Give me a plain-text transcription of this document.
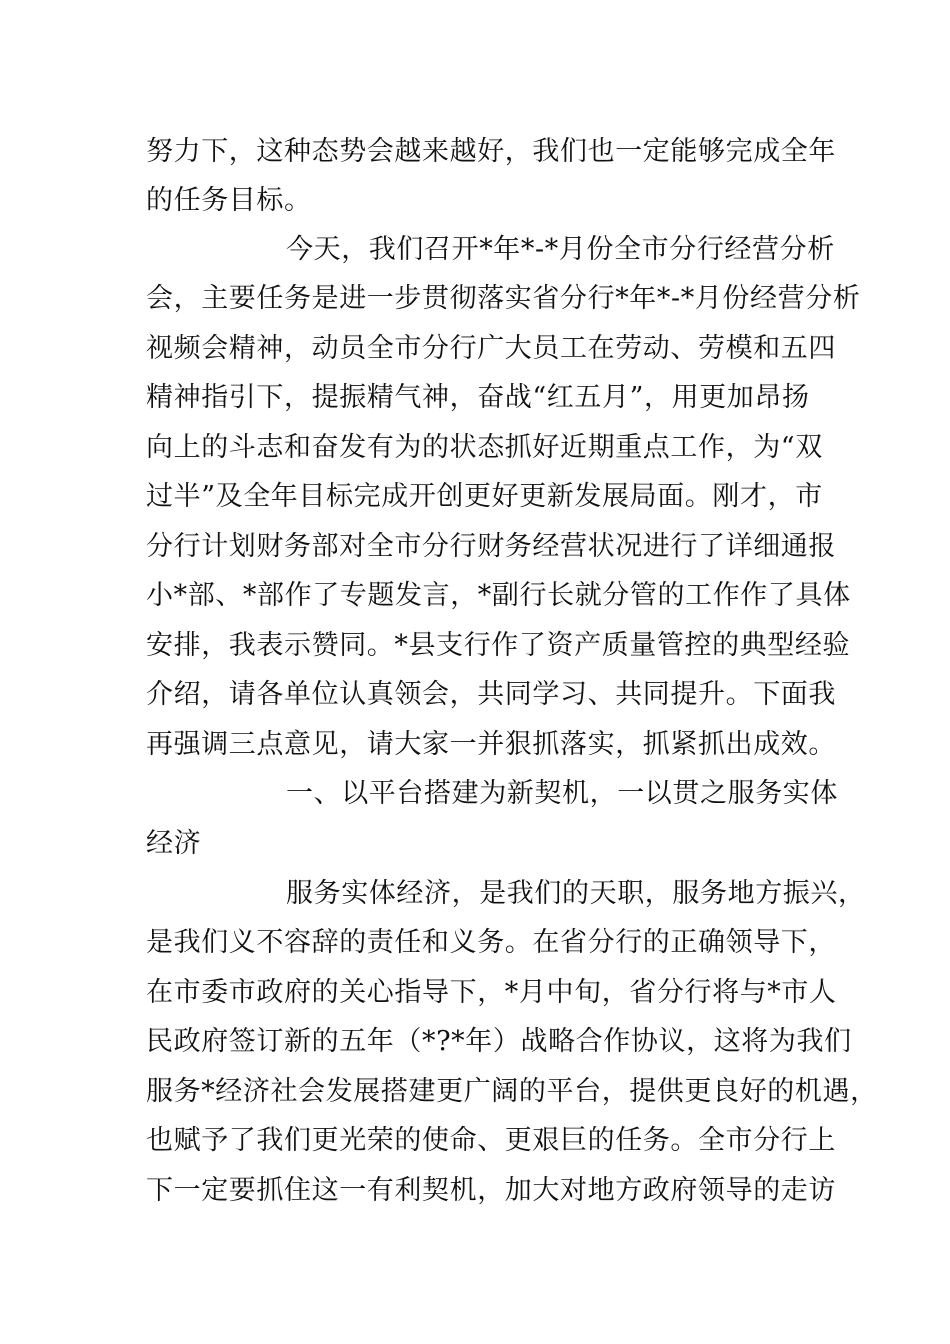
努力下，这种态势会越来越好，我们也一定能够完成全年
的任务目标。
今天，我们召开*年*-*月份全市分行经营分析
会，主要任务是进一步贯彻落实省分行*年*-*月份经营分析
视频会精神，动员全市分行广大员工在劳动、劳模和五四
精神指引下，提振精气神，奋战“红五月”，用更加昂扬
向上的斗志和奋发有为的状态抓好近期重点工作，为“双
过半”及全年目标完成开创更好更新发展局面。刚才，市
分行计划财务部对全市分行财务经营状况进行了详细通报
小*部、*部作了专题发言，*副行长就分管的工作作了具体
安排，我表示赞同。*县支行作了资产质量管控的典型经验
介绍，请各单位认真领会，共同学习、共同提升。下面我
再强调三点意见，请大家一并狠抓落实，抓紧抓出成效。
一、以平台搭建为新契机，一以贯之服务实体
经济
服务实体经济，是我们的天职，服务地方振兴，
是我们义不容辞的责任和义务。在省分行的正确领导下，
在市委市政府的关心指导下，*月中旬，省分行将与*市人
民政府签订新的五年（*?*年）战略合作协议，这将为我们
服务*经济社会发展搭建更广阔的平台，提供更良好的机遇，
也赋予了我们更光荣的使命、更艰巨的任务。全市分行上
下一定要抓住这一有利契机，加大对地方政府领导的走访
